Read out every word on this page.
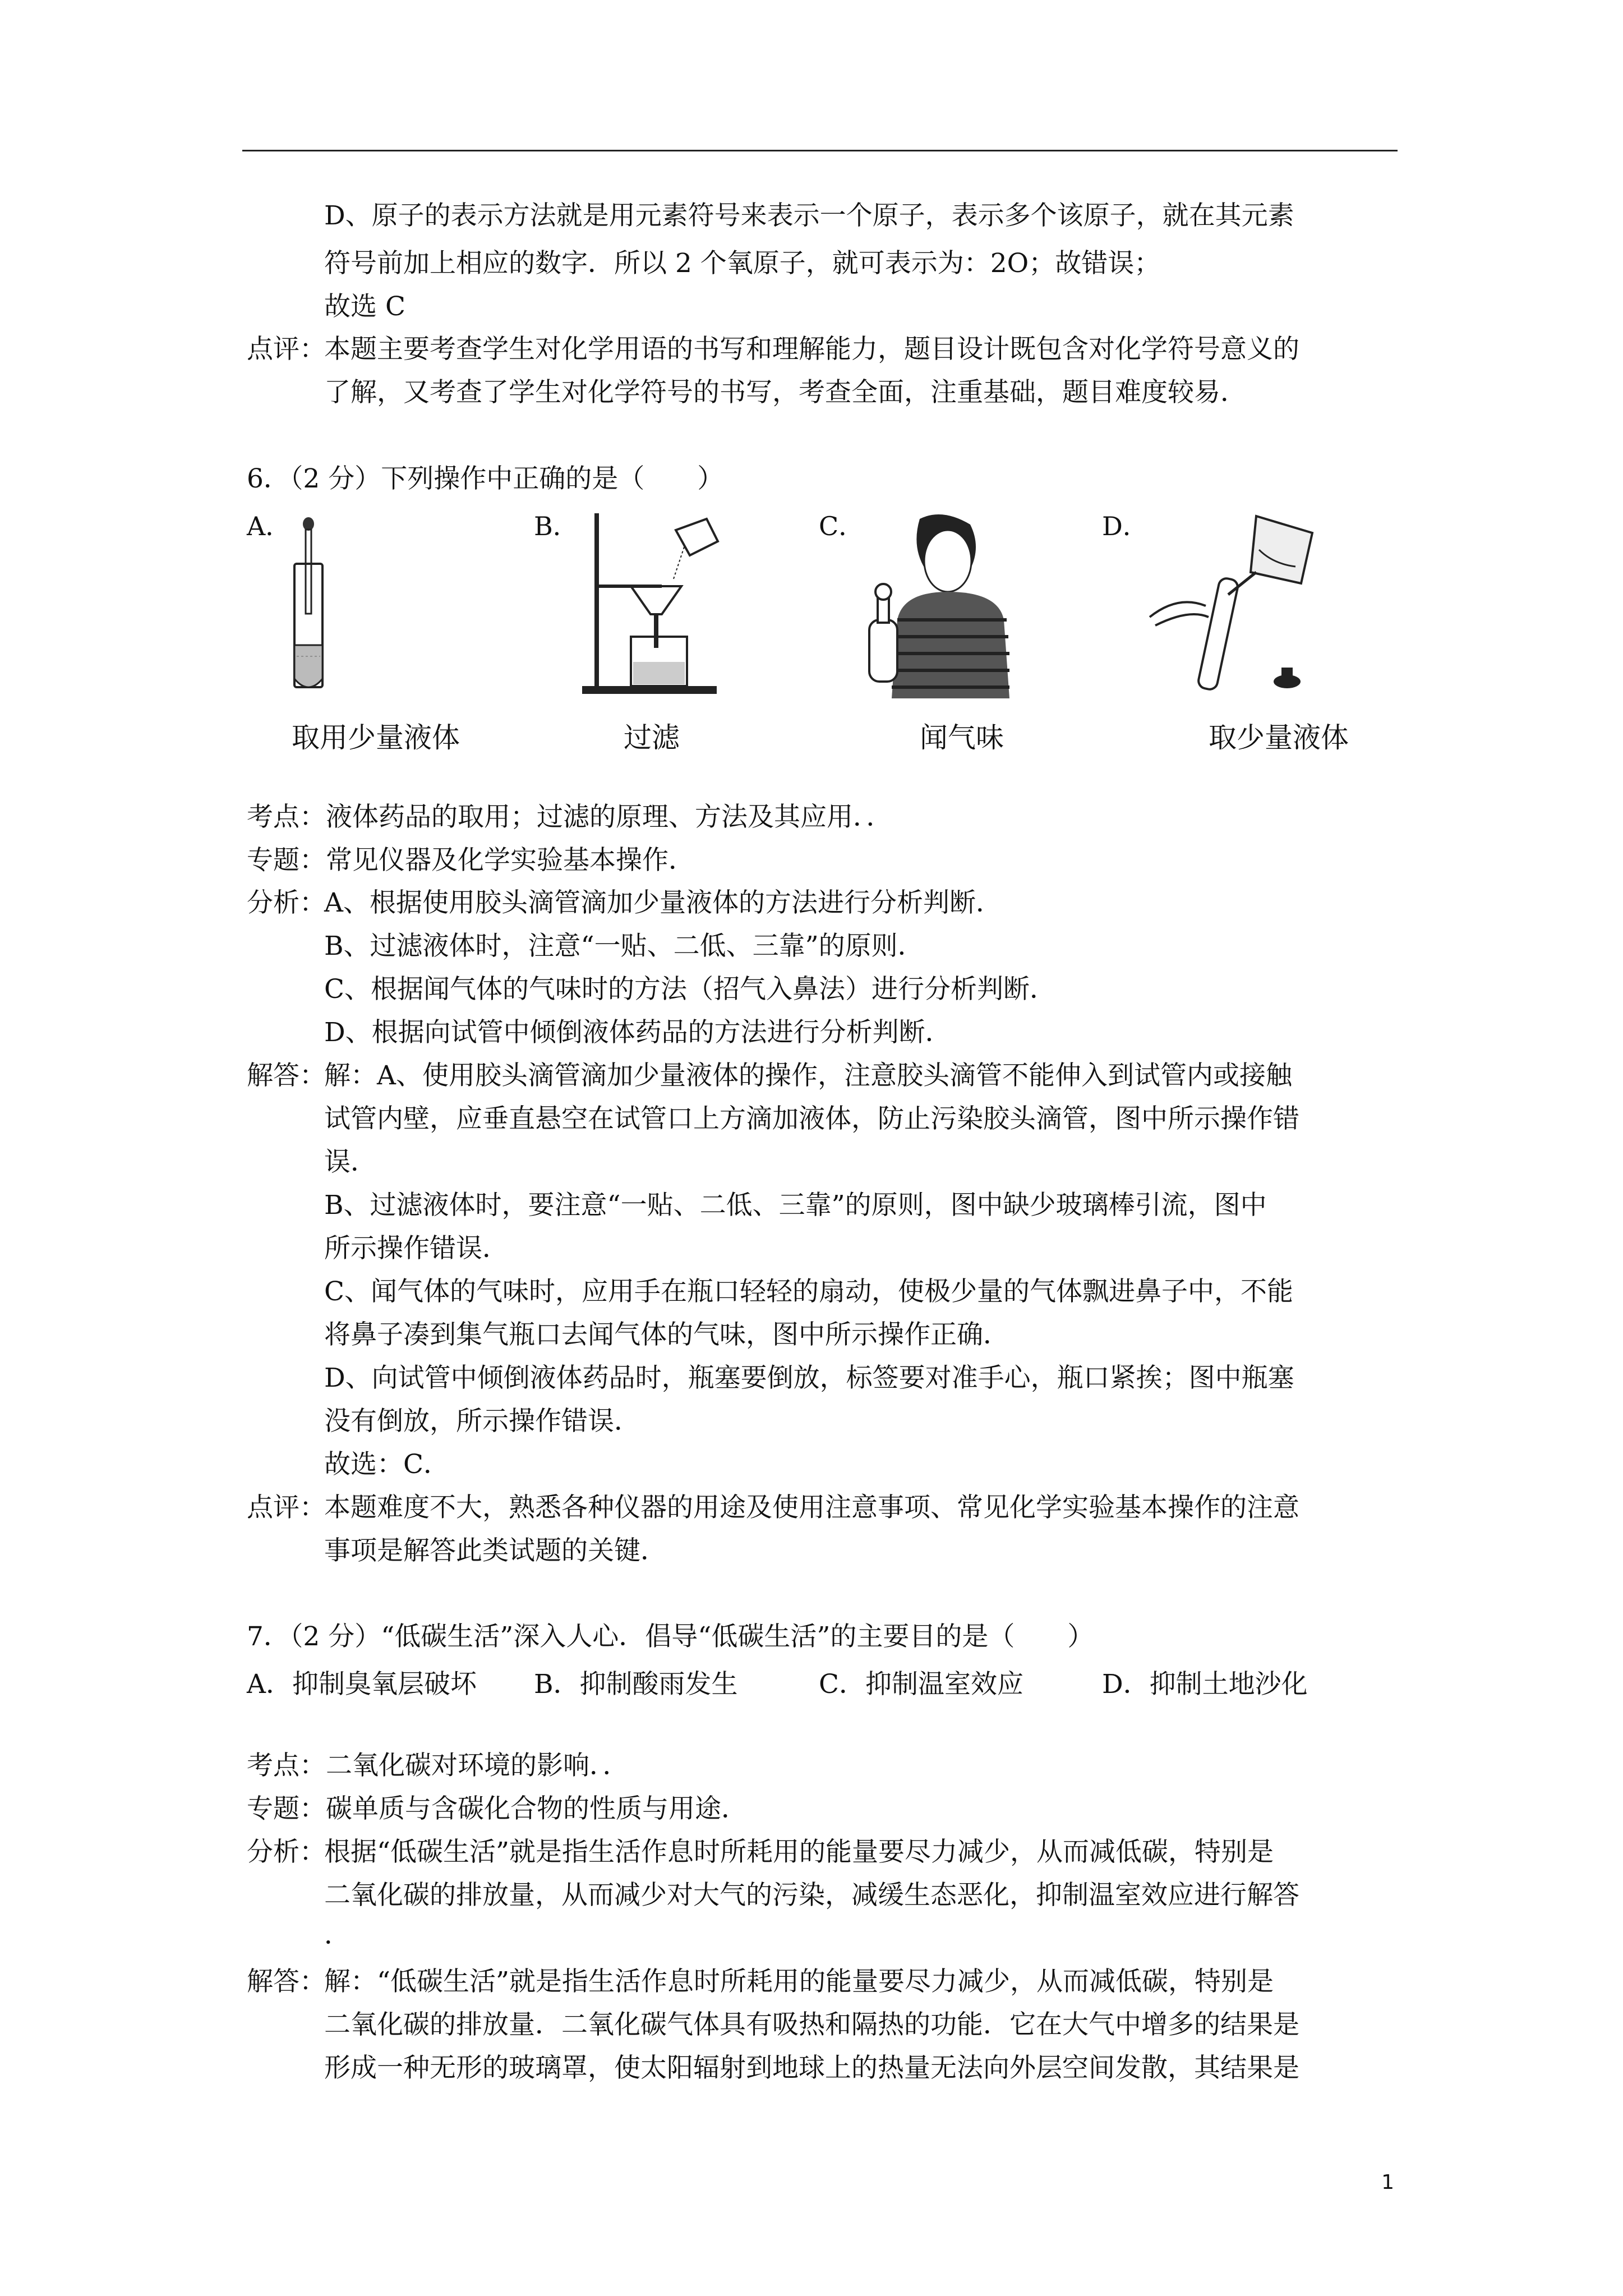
D、原子的表示方法就是用元素符号来表示一个原子，表示多个该原子，就在其元素
符号前加上相应的数字．所以 2 个氧原子，就可表示为：2O；故错误；
故选 C
点评：
本题主要考查学生对化学用语的书写和理解能力，题目设计既包含对化学符号意义的
了解，又考查了学生对化学符号的书写，考查全面，注重基础，题目难度较易．
6．（2 分）下列操作中正确的是（　　）
A．	B．	C．	D．
取用少量液体	过滤	闻气味	取少量液体
考点：液体药品的取用；过滤的原理、方法及其应用．．
专题：常见仪器及化学实验基本操作．
分析：
A、根据使用胶头滴管滴加少量液体的方法进行分析判断．
B、过滤液体时，注意“一贴、二低、三靠”的原则．
C、根据闻气体的气味时的方法（招气入鼻法）进行分析判断．
D、根据向试管中倾倒液体药品的方法进行分析判断．
解答：
解：A、使用胶头滴管滴加少量液体的操作，注意胶头滴管不能伸入到试管内或接触
试管内壁，应垂直悬空在试管口上方滴加液体，防止污染胶头滴管，图中所示操作错
误．
B、过滤液体时，要注意“一贴、二低、三靠”的原则，图中缺少玻璃棒引流，图中
所示操作错误．
C、闻气体的气味时，应用手在瓶口轻轻的扇动，使极少量的气体飘进鼻子中，不能
将鼻子凑到集气瓶口去闻气体的气味，图中所示操作正确．
D、向试管中倾倒液体药品时，瓶塞要倒放，标签要对准手心，瓶口紧挨；图中瓶塞
没有倒放，所示操作错误．
故选：C．
点评：
本题难度不大，熟悉各种仪器的用途及使用注意事项、常见化学实验基本操作的注意
事项是解答此类试题的关键．
7．（2 分）“低碳生活”深入人心．倡导“低碳生活”的主要目的是（　　）
A．抑制臭氧层破坏 B．抑制酸雨发生	C．抑制温室效应	D．抑制土地沙化
考点：二氧化碳对环境的影响．．
专题：碳单质与含碳化合物的性质与用途．
分析：
根据“低碳生活”就是指生活作息时所耗用的能量要尽力减少，从而减低碳，特别是
二氧化碳的排放量，从而减少对大气的污染，减缓生态恶化，抑制温室效应进行解答
．
解答：
解：“低碳生活”就是指生活作息时所耗用的能量要尽力减少，从而减低碳，特别是
二氧化碳的排放量．二氧化碳气体具有吸热和隔热的功能．它在大气中增多的结果是
形成一种无形的玻璃罩，使太阳辐射到地球上的热量无法向外层空间发散，其结果是
1
